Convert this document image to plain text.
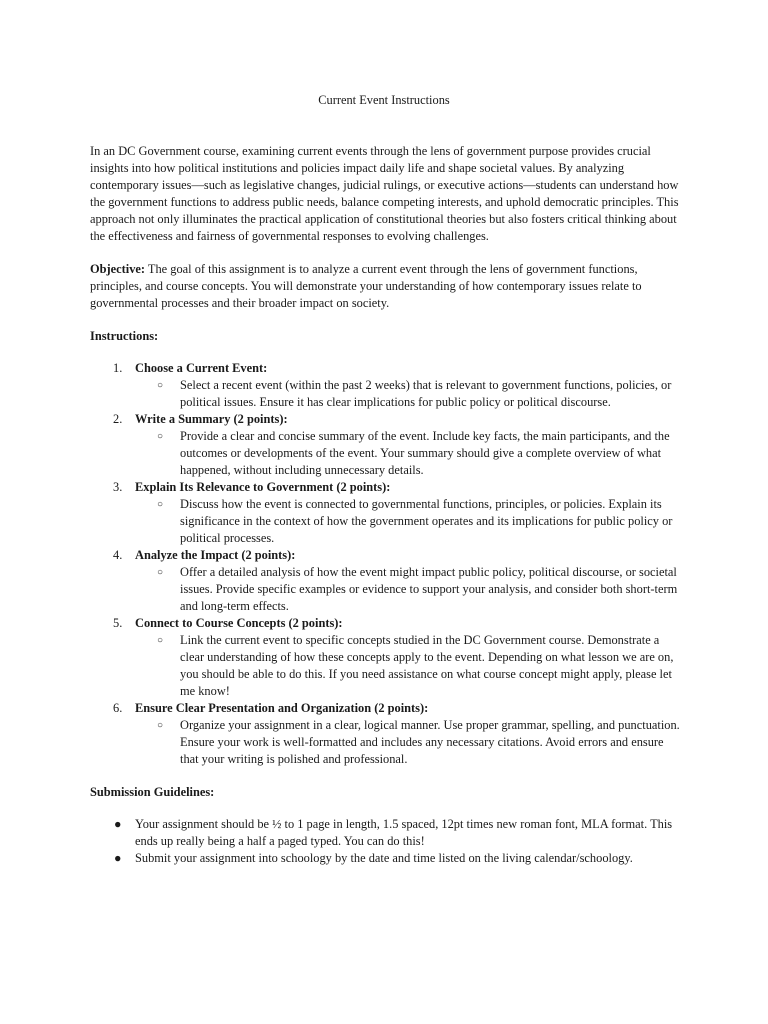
Current Event Instructions

In an DC Government course, examining current events through the lens of government purpose provides crucial insights into how political institutions and policies impact daily life and shape societal values. By analyzing contemporary issues—such as legislative changes, judicial rulings, or executive actions—students can understand how the government functions to address public needs, balance competing interests, and uphold democratic principles. This approach not only illuminates the practical application of constitutional theories but also fosters critical thinking about the effectiveness and fairness of governmental responses to evolving challenges.

Objective: The goal of this assignment is to analyze a current event through the lens of government functions, principles, and course concepts. You will demonstrate your understanding of how contemporary issues relate to governmental processes and their broader impact on society.

Instructions:

1. Choose a Current Event:
○ Select a recent event (within the past 2 weeks) that is relevant to government functions, policies, or political issues. Ensure it has clear implications for public policy or political discourse.
2. Write a Summary (2 points):
○ Provide a clear and concise summary of the event. Include key facts, the main participants, and the outcomes or developments of the event. Your summary should give a complete overview of what happened, without including unnecessary details.
3. Explain Its Relevance to Government (2 points):
○ Discuss how the event is connected to governmental functions, principles, or policies. Explain its significance in the context of how the government operates and its implications for public policy or political processes.
4. Analyze the Impact (2 points):
○ Offer a detailed analysis of how the event might impact public policy, political discourse, or societal issues. Provide specific examples or evidence to support your analysis, and consider both short-term and long-term effects.
5. Connect to Course Concepts (2 points):
○ Link the current event to specific concepts studied in the DC Government course. Demonstrate a clear understanding of how these concepts apply to the event. Depending on what lesson we are on, you should be able to do this. If you need assistance on what course concept might apply, please let me know!
6. Ensure Clear Presentation and Organization (2 points):
○ Organize your assignment in a clear, logical manner. Use proper grammar, spelling, and punctuation. Ensure your work is well-formatted and includes any necessary citations. Avoid errors and ensure that your writing is polished and professional.

Submission Guidelines:

● Your assignment should be ½ to 1 page in length, 1.5 spaced, 12pt times new roman font, MLA format. This ends up really being a half a paged typed. You can do this!
● Submit your assignment into schoology by the date and time listed on the living calendar/schoology.
